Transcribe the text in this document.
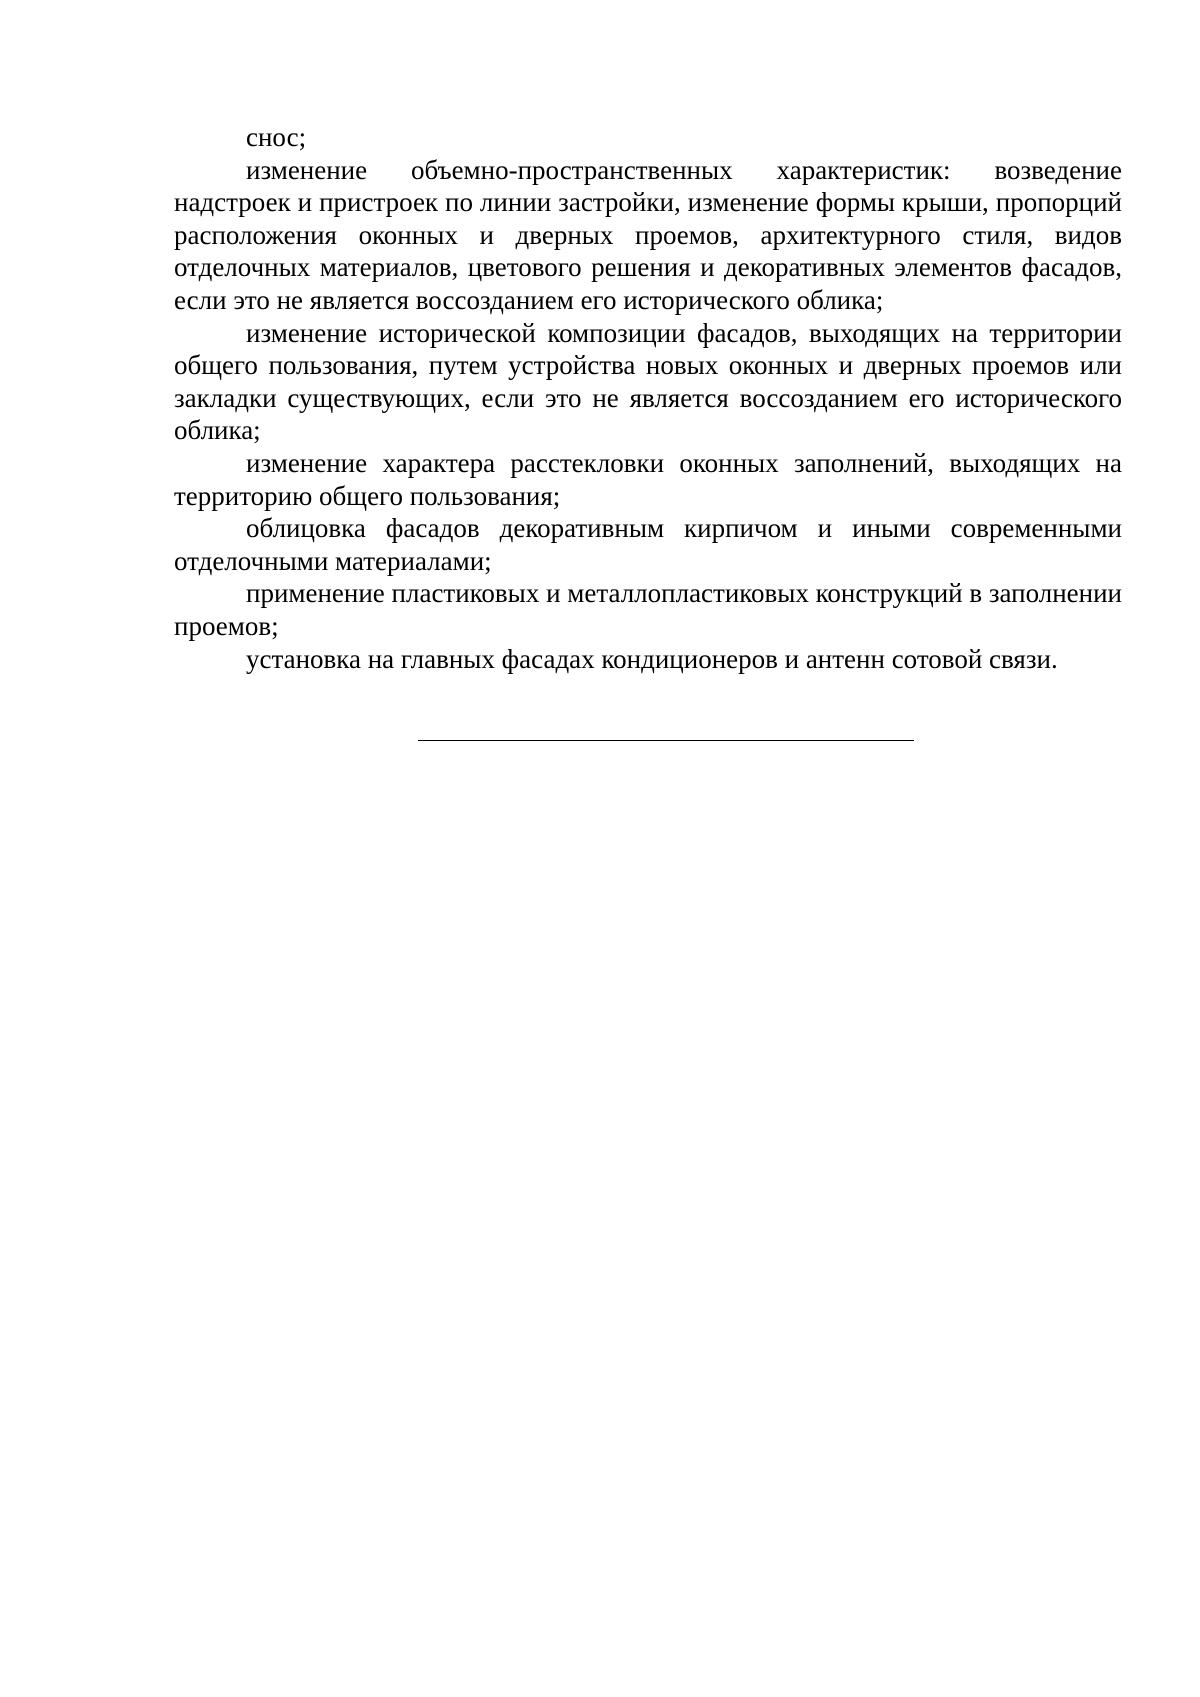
снос;

изменение объемно-пространственных характеристик: возведение надстроек и пристроек по линии застройки, изменение формы крыши, пропорций расположения оконных и дверных проемов, архитектурного стиля, видов отделочных материалов, цветового решения и декоративных элементов фасадов, если это не является воссозданием его исторического облика;

изменение исторической композиции фасадов, выходящих на территории общего пользования, путем устройства новых оконных и дверных проемов или закладки существующих, если это не является воссозданием его исторического облика;

изменение характера расстекловки оконных заполнений, выходящих на территорию общего пользования;

облицовка фасадов декоративным кирпичом и иными современными отделочными материалами;

применение пластиковых и металлопластиковых конструкций в заполнении проемов;

установка на главных фасадах кондиционеров и антенн сотовой связи.
